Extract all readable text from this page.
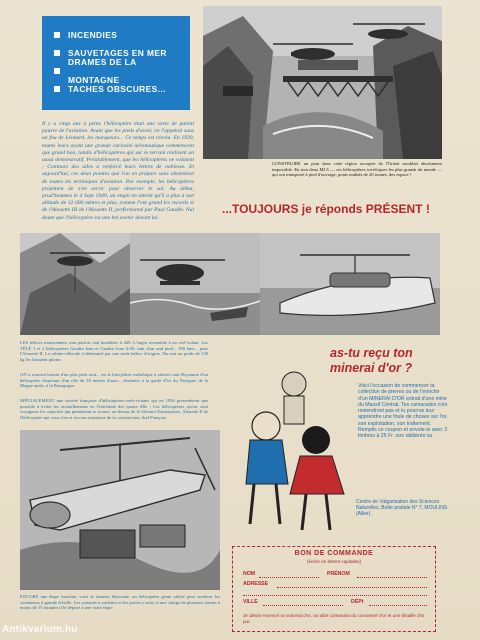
INCENDIES
SAUVETAGES EN MER
DRAMES DE LA MONTAGNE
TACHES OBSCURES...
Il y a vingt ans à peine l'hélicoptère était une sorte de parent pauvre de l'aviation. Avant que les pieds d'avoir, en l'appelait sous un fou de Léonard, les marqueurs... Ce temps est révolu. En 1939, toutes leurs ayant une grande curiosité aéronautique commencent que grand bon, tandis d'hélicoptères qui sur le terrain réalisent un aussi démonstratif. Préalablement, que les hélicoptères ne volaient ; Contours des ailes a renforcé leurs lettres de noblesse. Et aujourd'hui, ces deux pointes que l'on en prépare sans abstention de toutes les techniques d'aviation. Par exemple, les hélicoptères projettent de s'en servir pour observer le sol. Au début, prud'hommes le 4 Sept 1949, un engin en atteint qu'il a plus à son altitude de 12 000 mètres et plus, comme l'ont grand les records et de l'Alouette III de l'Alouette II, perfectionné par Paul Gaudin. Nul doute que l'hélicoptère est une bel avenir devant lui.
CONSTRUIRE un pont dans cette région escarpée de l'Orient semblait absolument impossible. En tout deux MI 6 — ces hélicoptères soviétiques les plus grands du monde — qui ont transporté à pied d'ouvrage, ponts nimbés de 20 tonnes, des espace !
...TOUJOURS je réponds PRÉSENT !
LES hélices marisonnées sont parfois mal meublées à 449. L'engin ressemble à un cerf-volant. Les TÉLÉ 1 et 2 hélicoptères Gaudin Jean et Gaudin Jean 4-49, sont d'un seul pied... 100 kms... pour l'Alouette II. La cabine-véhicule à déterminé par une seule hélice d'origine. Du tout un poids de 130 kg les faisaient piloter.
ON a souvent besoin d'un plus petit tout... est le brin-pilote métallique à ailettes sont Royaume d'un hélicoptère disposant d'un rôle de 10 mètres d'auto... destinées à la garde d'Ici du Naviguer de la Blague après, à la Bourgogne.
SPÉCIALEMENT une société française d'hélicoptères-cerfs-volants qui en 1936 présentèrent que possible à éviter les ravitaillements en l'extrémité des quatre d'île ; Ces hélicoptères, qu'on, sont voyageurs les capacités qui permettent se trouve, au-dessus de la Aéronef d'entreprises. Alouette II de l'hélicoptère qui vous n'en et en rare assistance de la construction, Sud Français.
ENCORE une étape franchie, voici le fameux Skycrane, un hélicoptère géant utilisé pour soulever les conteneurs à grande échelle. Les caissons à roulettes et les portes y sont, et une charge de plusieurs tonnes à moins de 15 minutes il le dépose à une vraie étape.
as-tu reçu ton minerai d'or ?
Voici l'occasion de commencer ta collection de pierres ou de t'enrichir d'un MINERAI D'OR extrait d'une mine du Massif Central. Tes camarades n'en reviendront pas et tu pourras leur apprendre une foule de choses sur l'or, son exploitation, son traitement. Remplis ce coupon et envoie-le avec 3 timbres à 25 Fr. non oblitérés ou
Centre de Vulgarisation des Sciences Naturelles, Boîte postale N° 7, MOULINS (Allier).
BON DE COMMANDE
(écrire en lettres capitales)
NOM	PRÉNOM
ADRESSE
VILLE	DÉPt
Je désire recevoir un minerai d'or, un tube contenant du concentré d'or et une limaille d'or pur.
Antikvarium.hu
